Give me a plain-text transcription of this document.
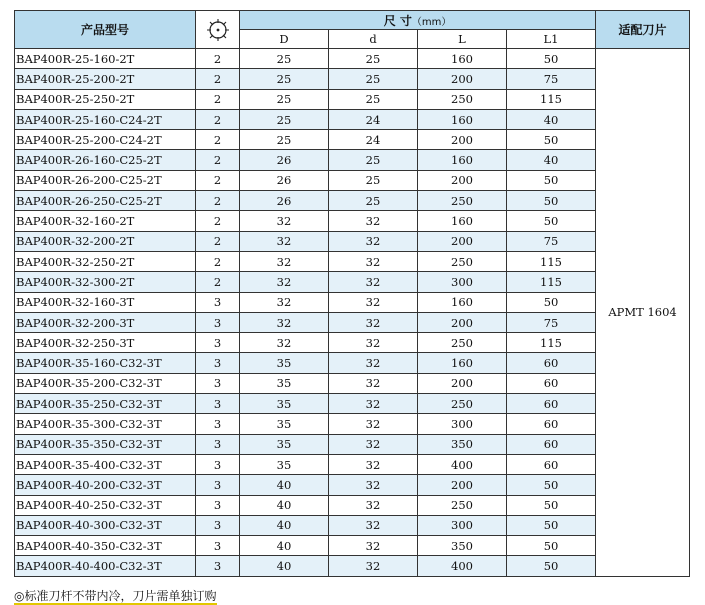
产品型号		尺 寸（mm）				适配刀片
		D	d	L	L1	
BAP400R-25-160-2T	2	25	25	160	50	APMT 1604
BAP400R-25-200-2T	2	25	25	200	75	
BAP400R-25-250-2T	2	25	25	250	115	
BAP400R-25-160-C24-2T	2	25	24	160	40	
BAP400R-25-200-C24-2T	2	25	24	200	50	
BAP400R-26-160-C25-2T	2	26	25	160	40	
BAP400R-26-200-C25-2T	2	26	25	200	50	
BAP400R-26-250-C25-2T	2	26	25	250	50	
BAP400R-32-160-2T	2	32	32	160	50	
BAP400R-32-200-2T	2	32	32	200	75	
BAP400R-32-250-2T	2	32	32	250	115	
BAP400R-32-300-2T	2	32	32	300	115	
BAP400R-32-160-3T	3	32	32	160	50	
BAP400R-32-200-3T	3	32	32	200	75	
BAP400R-32-250-3T	3	32	32	250	115	
BAP400R-35-160-C32-3T	3	35	32	160	60	
BAP400R-35-200-C32-3T	3	35	32	200	60	
BAP400R-35-250-C32-3T	3	35	32	250	60	
BAP400R-35-300-C32-3T	3	35	32	300	60	
BAP400R-35-350-C32-3T	3	35	32	350	60	
BAP400R-35-400-C32-3T	3	35	32	400	60	
BAP400R-40-200-C32-3T	3	40	32	200	50	
BAP400R-40-250-C32-3T	3	40	32	250	50	
BAP400R-40-300-C32-3T	3	40	32	300	50	
BAP400R-40-350-C32-3T	3	40	32	350	50	
BAP400R-40-400-C32-3T	3	40	32	400	50	
◎标准刀杆不带内冷，刀片需单独订购
